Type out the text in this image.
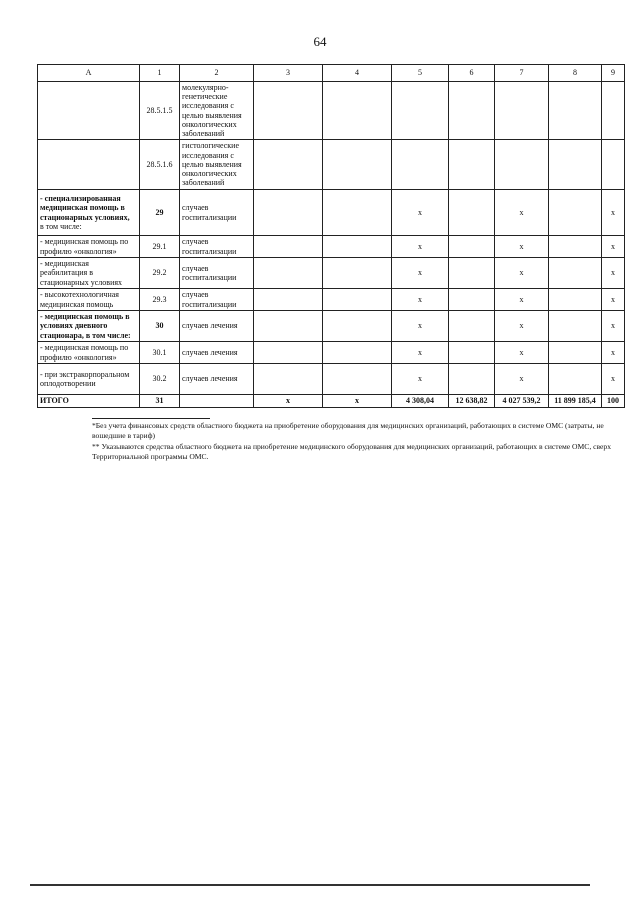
64
А	1	2	3	4	5	6	7	8	9
	28.5.1.5	молекулярно-генетические исследования с целью выявления онкологических заболеваний							
	28.5.1.6	гистологические исследования с целью выявления онкологических заболеваний							
- специализированная медицинская помощь в стационарных условиях,
в том числе:	29	случаев госпитализации			х		х		х
- медицинская помощь по профилю «онкология»	29.1	случаев госпитализации			х		х		х
- медицинская реабилитация в стационарных условиях	29.2	случаев госпитализации			х		х		х
- высокотехнологичная медицинская помощь	29.3	случаев госпитализации			х		х		х
- медицинская помощь в условиях дневного стационара, в том числе:	30	случаев лечения			х		х		х
- медицинская помощь по профилю «онкология»	30.1	случаев лечения			х		х		х
- при экстракорпоральном оплодотворении	30.2	случаев лечения			х		х		х
ИТОГО	31		х	х	4 308,04	12 638,82	4 027 539,2	11 899 185,4	100
*Без учета финансовых средств областного бюджета на приобретение оборудования для медицинских организаций, работающих в системе ОМС (затраты, не вошедшие в тариф)
** Указываются средства областного бюджета на приобретение медицинского оборудования для медицинских организаций, работающих в системе ОМС, сверх Территориальной программы ОМС.
